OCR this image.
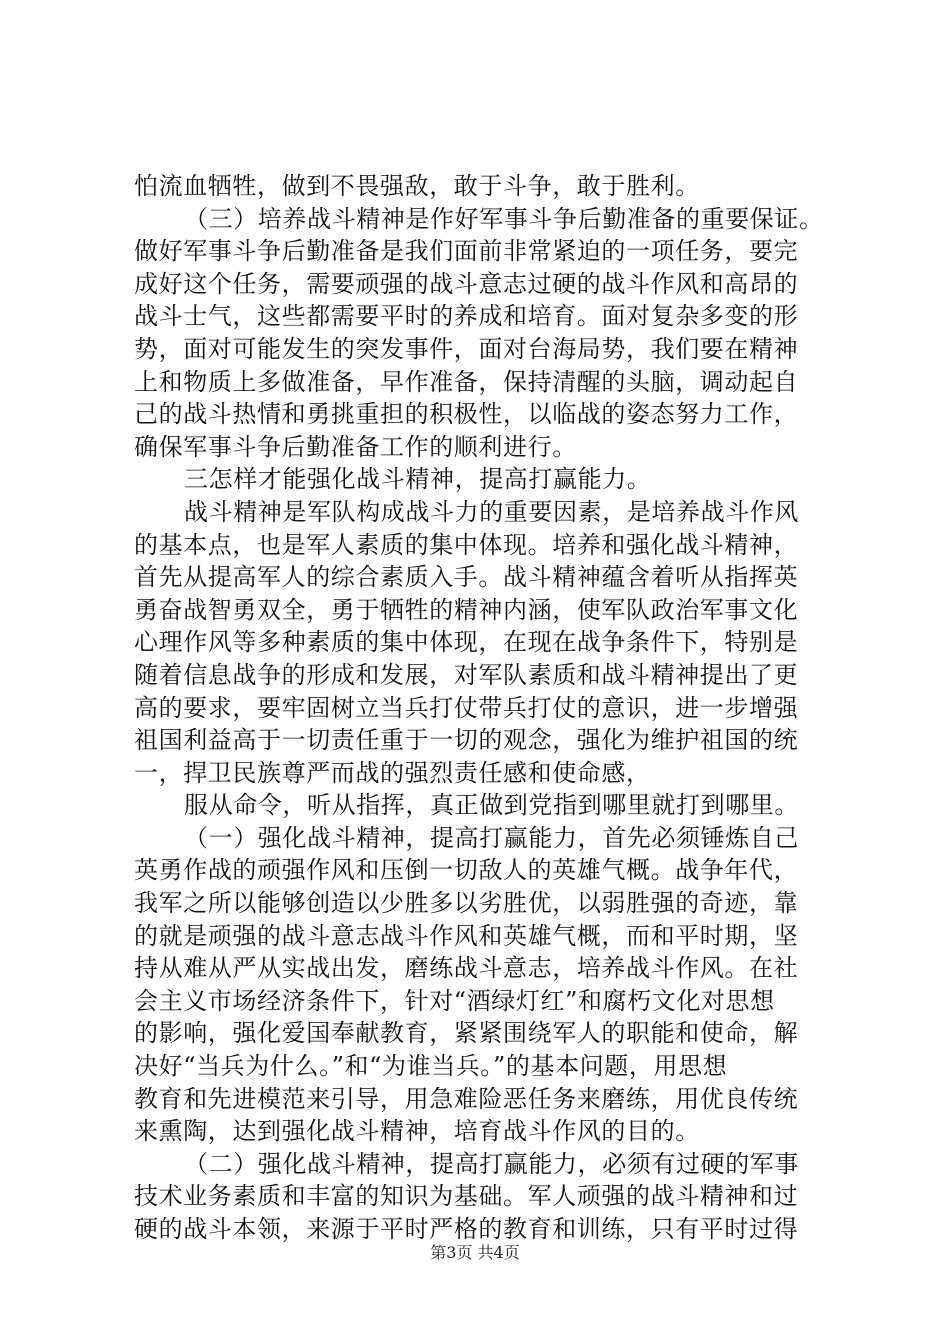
怕流血牺牲，做到不畏强敌，敢于斗争，敢于胜利。
（三）培养战斗精神是作好军事斗争后勤准备的重要保证。
做好军事斗争后勤准备是我们面前非常紧迫的一项任务，要完
成好这个任务，需要顽强的战斗意志过硬的战斗作风和高昂的
战斗士气，这些都需要平时的养成和培育。面对复杂多变的形
势，面对可能发生的突发事件，面对台海局势，我们要在精神
上和物质上多做准备，早作准备，保持清醒的头脑，调动起自
己的战斗热情和勇挑重担的积极性，以临战的姿态努力工作，
确保军事斗争后勤准备工作的顺利进行。
三怎样才能强化战斗精神，提高打赢能力。
战斗精神是军队构成战斗力的重要因素，是培养战斗作风
的基本点，也是军人素质的集中体现。培养和强化战斗精神，
首先从提高军人的综合素质入手。战斗精神蕴含着听从指挥英
勇奋战智勇双全，勇于牺牲的精神内涵，使军队政治军事文化
心理作风等多种素质的集中体现，在现在战争条件下，特别是
随着信息战争的形成和发展，对军队素质和战斗精神提出了更
高的要求，要牢固树立当兵打仗带兵打仗的意识，进一步增强
祖国利益高于一切责任重于一切的观念，强化为维护祖国的统
一，捍卫民族尊严而战的强烈责任感和使命感，
服从命令，听从指挥，真正做到党指到哪里就打到哪里。
（一）强化战斗精神，提高打赢能力，首先必须锤炼自己
英勇作战的顽强作风和压倒一切敌人的英雄气概。战争年代，
我军之所以能够创造以少胜多以劣胜优，以弱胜强的奇迹，靠
的就是顽强的战斗意志战斗作风和英雄气概，而和平时期，坚
持从难从严从实战出发，磨练战斗意志，培养战斗作风。在社
会主义市场经济条件下，针对“酒绿灯红”和腐朽文化对思想
的影响，强化爱国奉献教育，紧紧围绕军人的职能和使命，解
决好“当兵为什么。”和“为谁当兵。”的基本问题，用思想
教育和先进模范来引导，用急难险恶任务来磨练，用优良传统
来熏陶，达到强化战斗精神，培育战斗作风的目的。
（二）强化战斗精神，提高打赢能力，必须有过硬的军事
技术业务素质和丰富的知识为基础。军人顽强的战斗精神和过
硬的战斗本领，来源于平时严格的教育和训练，只有平时过得
第3页 共4页
